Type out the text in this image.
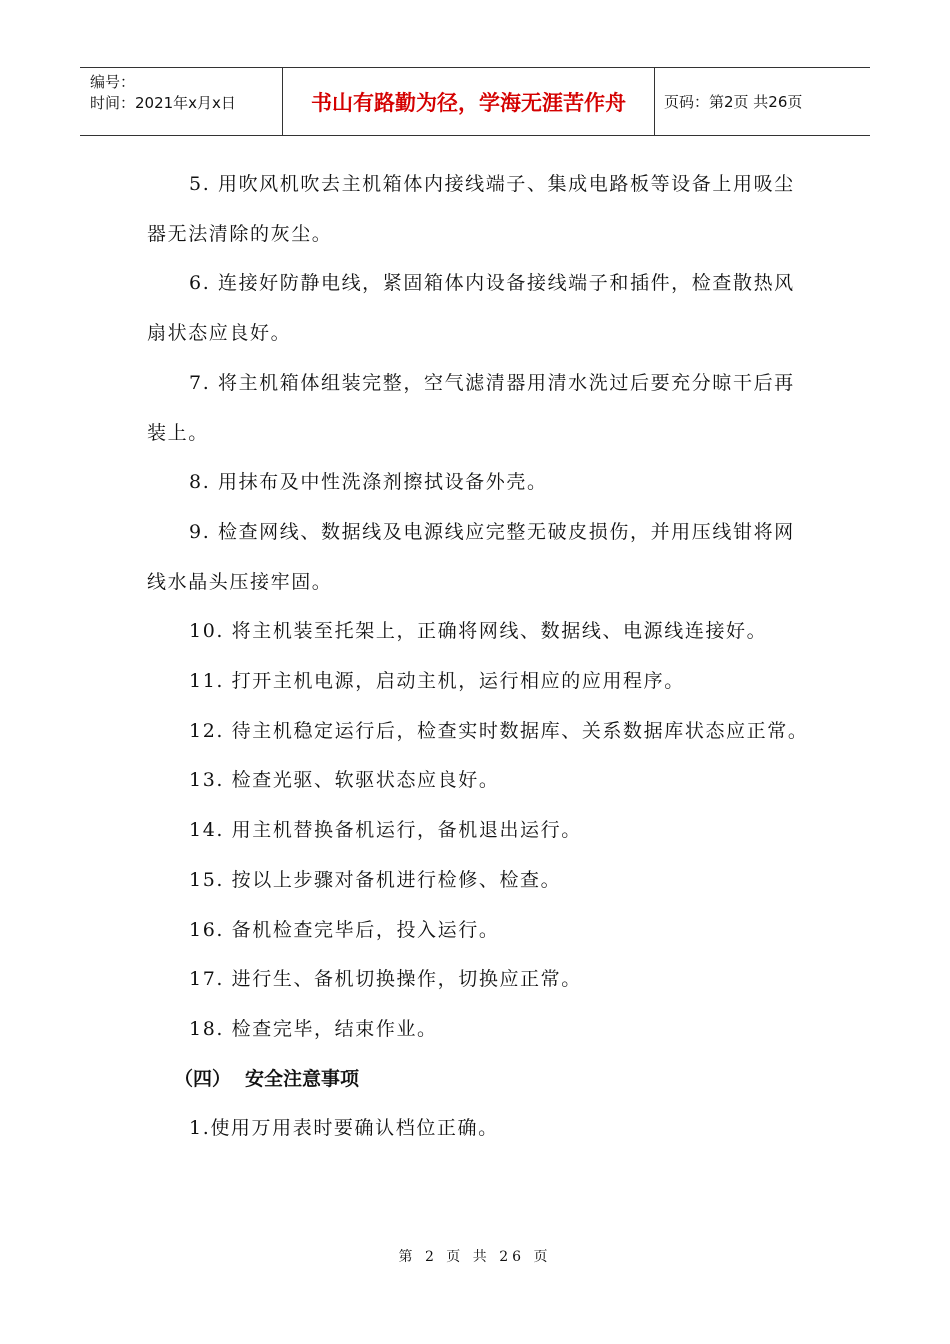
编号：
时间：2021年x月x日	书山有路勤为径，学海无涯苦作舟	页码：第2页 共26页

5. 用吹风机吹去主机箱体内接线端子、集成电路板等设备上用吸尘器无法清除的灰尘。

6. 连接好防静电线，紧固箱体内设备接线端子和插件，检查散热风扇状态应良好。

7. 将主机箱体组装完整，空气滤清器用清水洗过后要充分晾干后再装上。

8. 用抹布及中性洗涤剂擦拭设备外壳。

9. 检查网线、数据线及电源线应完整无破皮损伤，并用压线钳将网线水晶头压接牢固。

10. 将主机装至托架上，正确将网线、数据线、电源线连接好。

11. 打开主机电源，启动主机，运行相应的应用程序。

12. 待主机稳定运行后，检查实时数据库、关系数据库状态应正常。

13. 检查光驱、软驱状态应良好。

14. 用主机替换备机运行，备机退出运行。

15. 按以上步骤对备机进行检修、检查。

16. 备机检查完毕后，投入运行。

17. 进行生、备机切换操作，切换应正常。

18. 检查完毕，结束作业。

（四） 安全注意事项

1.使用万用表时要确认档位正确。

第 2 页 共 26 页
